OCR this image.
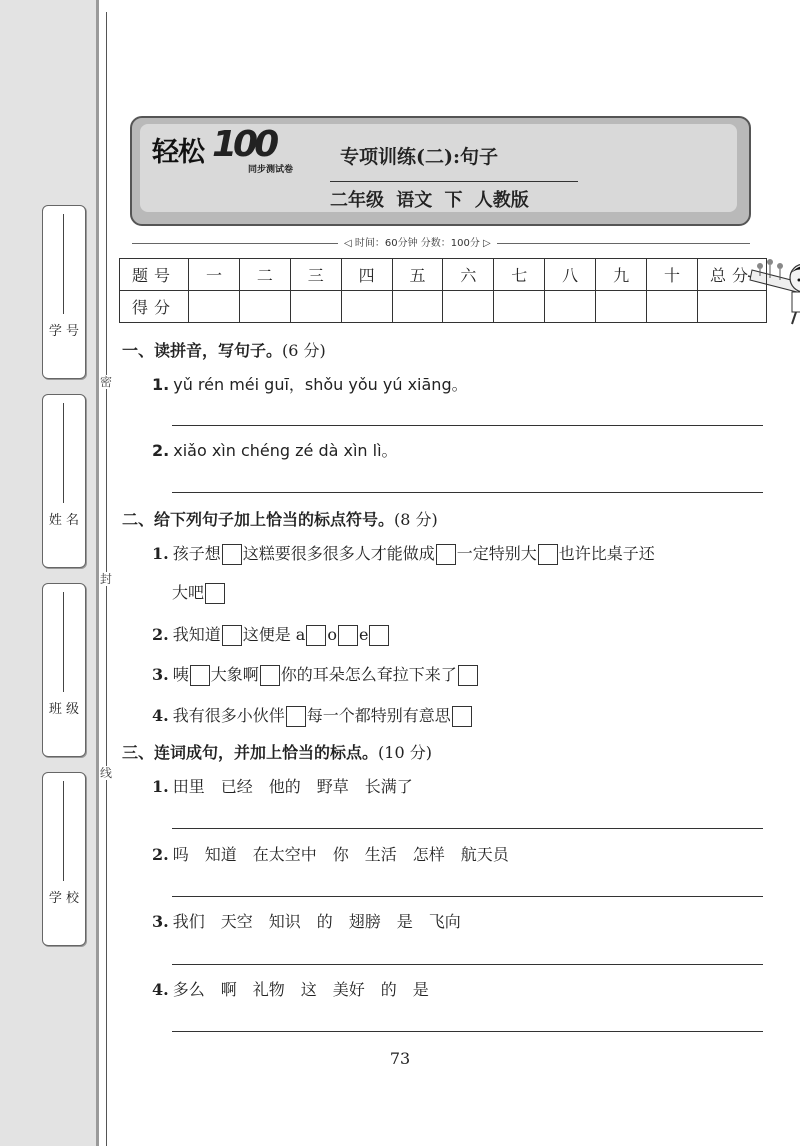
学 号
姓 名
班 级
学 校
密
封
线
轻松 100
同步测试卷
专项训练(二):句子
二年级 语文 下 人教版
◁ 时间：60分钟 分数：100分 ▷
题号	一	二	三	四	五	六	七	八	九	十	总分
得分											
一、读拼音，写句子。(6 分)
1. yǔ rén méi guī，shǒu yǒu yú xiāng。
2. xiǎo xìn chéng zé dà xìn lì。
二、给下列句子加上恰当的标点符号。(8 分)
1. 孩子想 这糕要很多很多人才能做成 一定特别大 也许比桌子还
大吧
2. 我知道 这便是 a o e
3. 咦 大象啊 你的耳朵怎么耷拉下来了
4. 我有很多小伙伴 每一个都特别有意思
三、连词成句，并加上恰当的标点。(10 分)
1. 田里 已经 他的 野草 长满了
2. 吗 知道 在太空中 你 生活 怎样 航天员
3. 我们 天空 知识 的 翅膀 是 飞向
4. 多么 啊 礼物 这 美好 的 是
73
